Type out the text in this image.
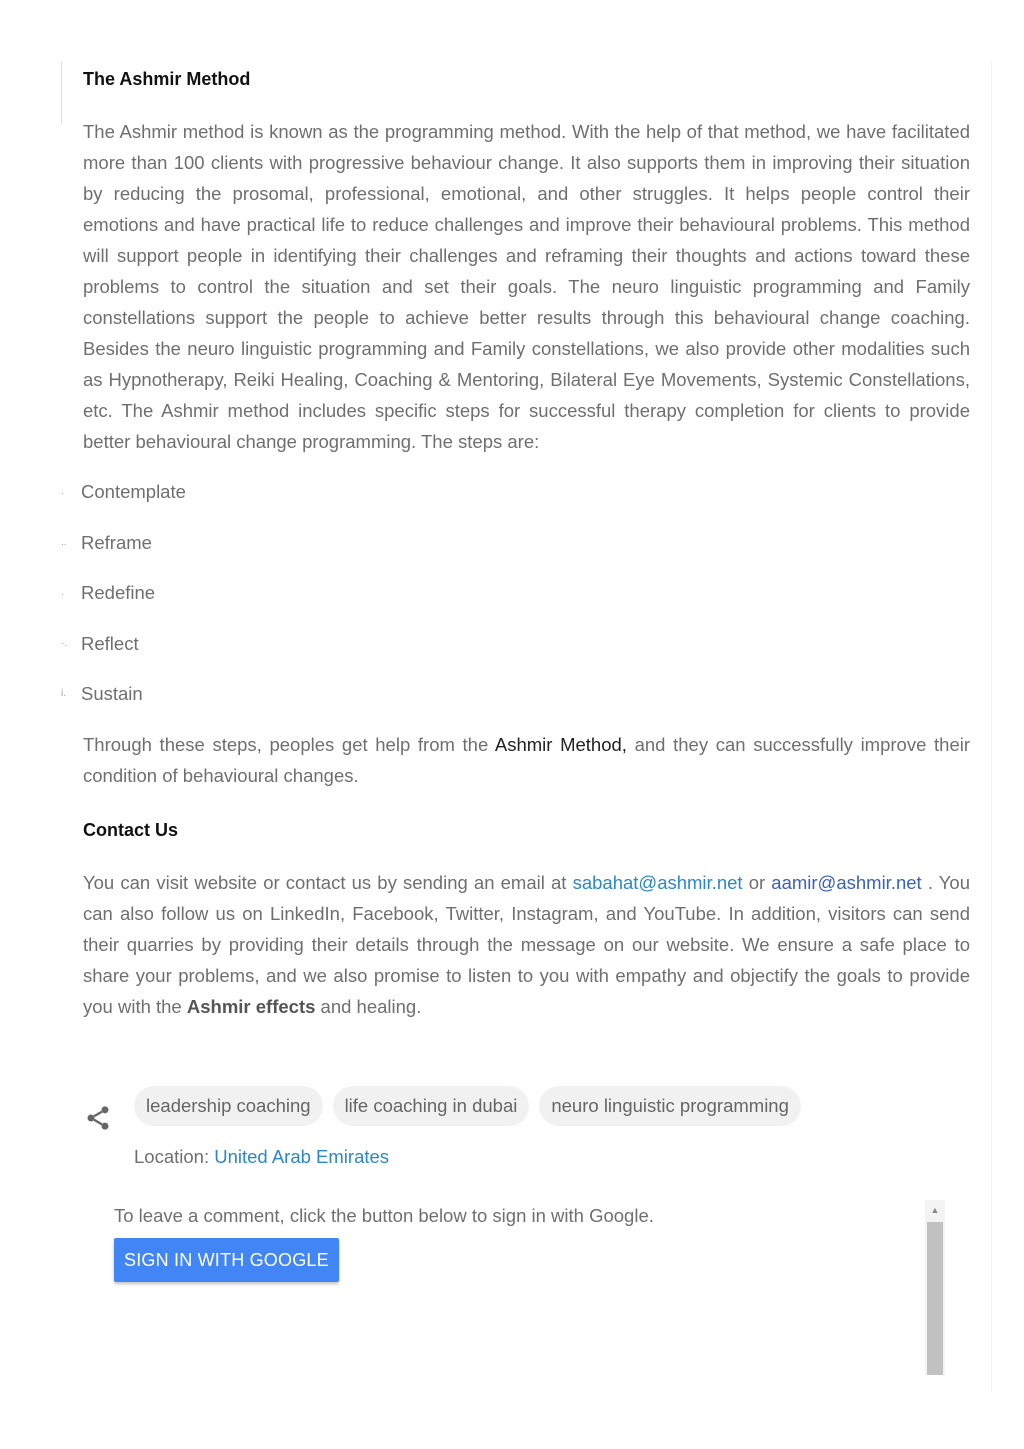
The Ashmir Method

The Ashmir method is known as the programming method. With the help of that method, we have facilitated more than 100 clients with progressive behaviour change. It also supports them in improving their situation by reducing the prosomal, professional, emotional, and other struggles. It helps people control their emotions and have practical life to reduce challenges and improve their behavioural problems. This method will support people in identifying their challenges and reframing their thoughts and actions toward these problems to control the situation and set their goals. The neuro linguistic programming and Family constellations support the people to achieve better results through this behavioural change coaching. Besides the neuro linguistic programming and Family constellations, we also provide other modalities such as Hypnotherapy, Reiki Healing, Coaching & Mentoring, Bilateral Eye Movements, Systemic Constellations, etc. The Ashmir method includes specific steps for successful therapy completion for clients to provide better behavioural change programming. The steps are:

. Contemplate
.. Reframe
. Redefine
·. Reflect
i. Sustain

Through these steps, peoples get help from the Ashmir Method, and they can successfully improve their condition of behavioural changes.

Contact Us

You can visit website or contact us by sending an email at sabahat@ashmir.net or aamir@ashmir.net . You can also follow us on LinkedIn, Facebook, Twitter, Instagram, and YouTube. In addition, visitors can send their quarries by providing their details through the message on our website. We ensure a safe place to share your problems, and we also promise to listen to you with empathy and objectify the goals to provide you with the Ashmir effects and healing.

leadership coaching	life coaching in dubai	neuro linguistic programming
Location: United Arab Emirates
To leave a comment, click the button below to sign in with Google.
SIGN IN WITH GOOGLE
▲
